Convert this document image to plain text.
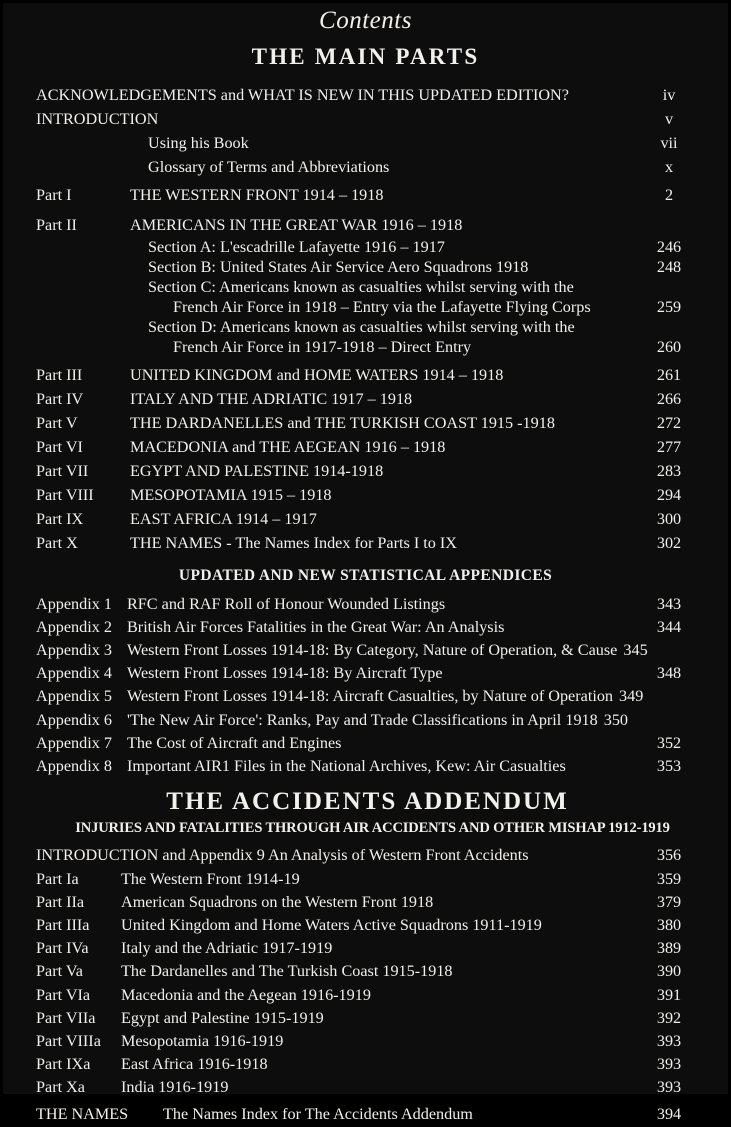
Contents
THE MAIN PARTS
ACKNOWLEDGEMENTS and WHAT IS NEW IN THIS UPDATED EDITION?	iv
INTRODUCTION	v
Using his Book	vii
Glossary of Terms and Abbreviations	x
Part I	THE WESTERN FRONT 1914 – 1918	2
Part II	AMERICANS IN THE GREAT WAR 1916 – 1918
Section A: L'escadrille Lafayette 1916 – 1917	246
Section B: United States Air Service Aero Squadrons 1918	248
Section C: Americans known as casualties whilst serving with the
French Air Force in 1918 – Entry via the Lafayette Flying Corps	259
Section D: Americans known as casualties whilst serving with the
French Air Force in 1917-1918 – Direct Entry	260
Part III	UNITED KINGDOM and HOME WATERS 1914 – 1918	261
Part IV	ITALY AND THE ADRIATIC 1917 – 1918	266
Part V	THE DARDANELLES and THE TURKISH COAST 1915 -1918	272
Part VI	MACEDONIA and THE AEGEAN 1916 – 1918	277
Part VII	EGYPT AND PALESTINE 1914-1918	283
Part VIII MESOPOTAMIA 1915 – 1918	294
Part IX	EAST AFRICA 1914 – 1917	300
Part X	THE NAMES - The Names Index for Parts I to IX	302
UPDATED AND NEW STATISTICAL APPENDICES
Appendix 1 RFC and RAF Roll of Honour Wounded Listings	343
Appendix 2 British Air Forces Fatalities in the Great War: An Analysis	344
Appendix 3 Western Front Losses 1914-18: By Category, Nature of Operation, & Cause 345
Appendix 4 Western Front Losses 1914-18: By Aircraft Type	348
Appendix 5 Western Front Losses 1914-18: Aircraft Casualties, by Nature of Operation 349
Appendix 6 'The New Air Force': Ranks, Pay and Trade Classifications in April 1918 350
Appendix 7 The Cost of Aircraft and Engines	352
Appendix 8 Important AIR1 Files in the National Archives, Kew: Air Casualties	353
THE ACCIDENTS ADDENDUM
INJURIES AND FATALITIES THROUGH AIR ACCIDENTS AND OTHER MISHAP 1912-1919
INTRODUCTION and Appendix 9 An Analysis of Western Front Accidents	356
Part Ia	The Western Front 1914-19	359
Part IIa American Squadrons on the Western Front 1918	379
Part IIIa United Kingdom and Home Waters Active Squadrons 1911-1919	380
Part IVa Italy and the Adriatic 1917-1919	389
Part Va The Dardanelles and The Turkish Coast 1915-1918	390
Part VIa Macedonia and the Aegean 1916-1919	391
Part VIIa Egypt and Palestine 1915-1919	392
Part VIIIa Mesopotamia 1916-1919	393
Part IXa East Africa 1916-1918	393
Part Xa India 1916-1919	393
THE NAMES The Names Index for The Accidents Addendum	394
